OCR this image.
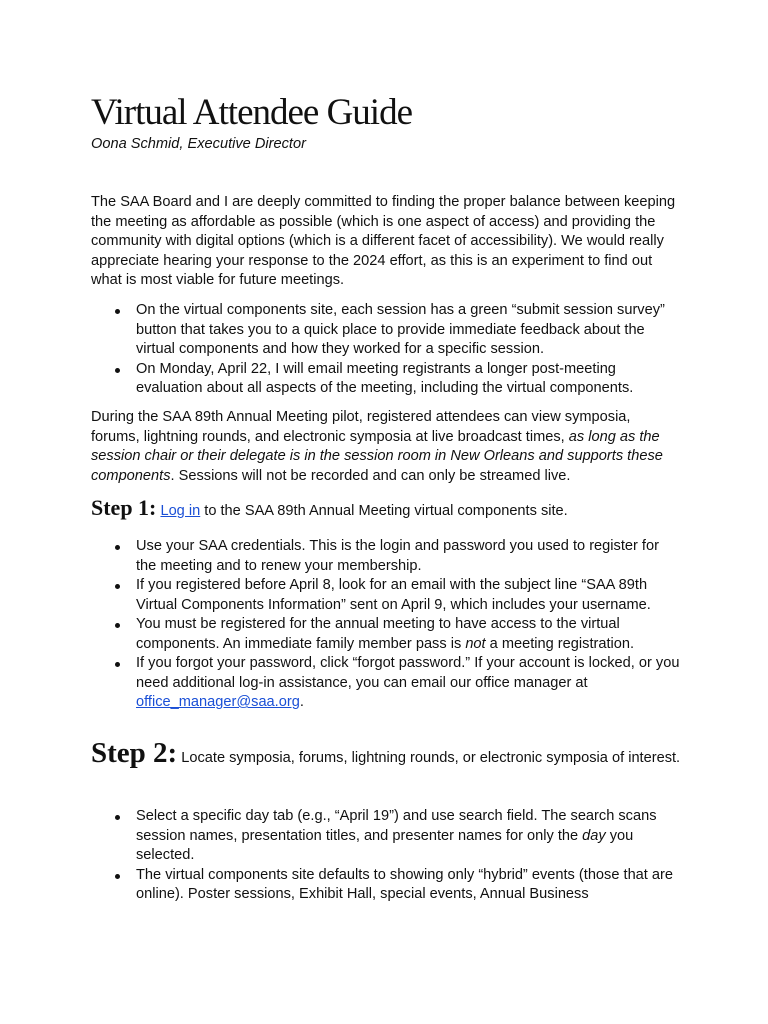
Virtual Attendee Guide
Oona Schmid, Executive Director

The SAA Board and I are deeply committed to finding the proper balance between keeping the meeting as affordable as possible (which is one aspect of access) and providing the community with digital options (which is a different facet of accessibility). We would really appreciate hearing your response to the 2024 effort, as this is an experiment to find out what is most viable for future meetings.

On the virtual components site, each session has a green “submit session survey” button that takes you to a quick place to provide immediate feedback about the virtual components and how they worked for a specific session.
On Monday, April 22, I will email meeting registrants a longer post-meeting evaluation about all aspects of the meeting, including the virtual components.

During the SAA 89th Annual Meeting pilot, registered attendees can view symposia, forums, lightning rounds, and electronic symposia at live broadcast times, as long as the session chair or their delegate is in the session room in New Orleans and supports these components. Sessions will not be recorded and can only be streamed live.

Step 1: Log in to the SAA 89th Annual Meeting virtual components site.
Use your SAA credentials. This is the login and password you used to register for the meeting and to renew your membership.
If you registered before April 8, look for an email with the subject line “SAA 89th Virtual Components Information” sent on April 9, which includes your username.
You must be registered for the annual meeting to have access to the virtual components. An immediate family member pass is not a meeting registration.
If you forgot your password, click “forgot password.” If your account is locked, or you need additional log-in assistance, you can email our office manager at office_manager@saa.org.
Step 2: Locate symposia, forums, lightning rounds, or electronic symposia of interest.
Select a specific day tab (e.g., “April 19”) and use search field. The search scans session names, presentation titles, and presenter names for only the day you selected.
The virtual components site defaults to showing only “hybrid” events (those that are online). Poster sessions, Exhibit Hall, special events, Annual Business
